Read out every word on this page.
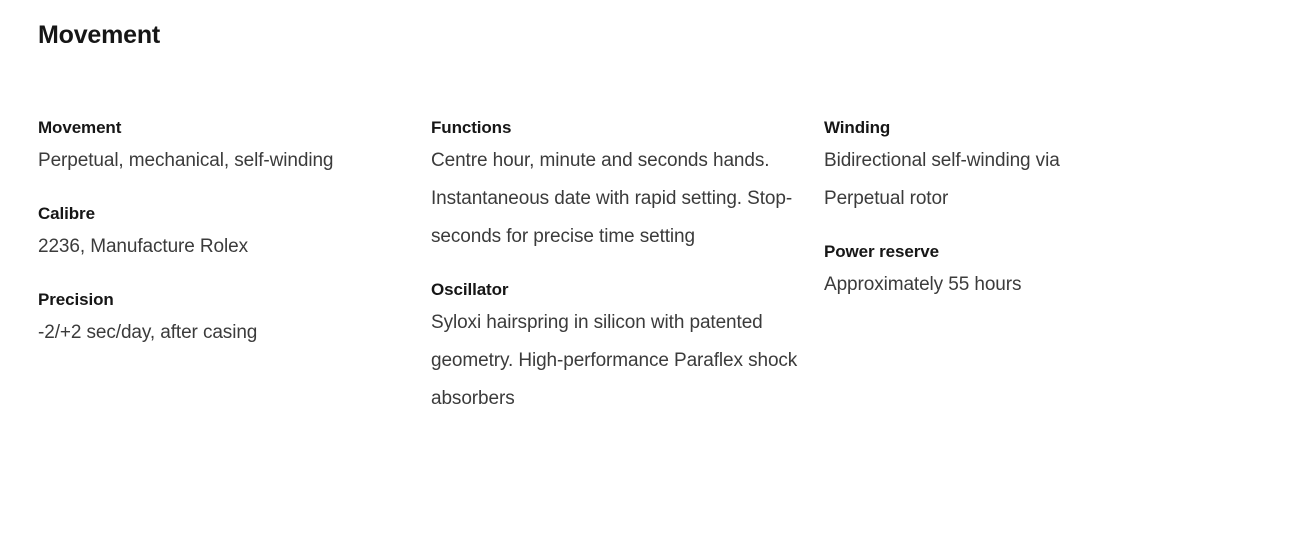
Movement
Movement
Perpetual, mechanical, self-winding
Calibre
2236, Manufacture Rolex
Precision
-2/+2 sec/day, after casing
Functions
Centre hour, minute and seconds hands. Instantaneous date with rapid setting. Stop-seconds for precise time setting
Oscillator
Syloxi hairspring in silicon with patented geometry. High-performance Paraflex shock absorbers
Winding
Bidirectional self-winding via Perpetual rotor
Power reserve
Approximately 55 hours
